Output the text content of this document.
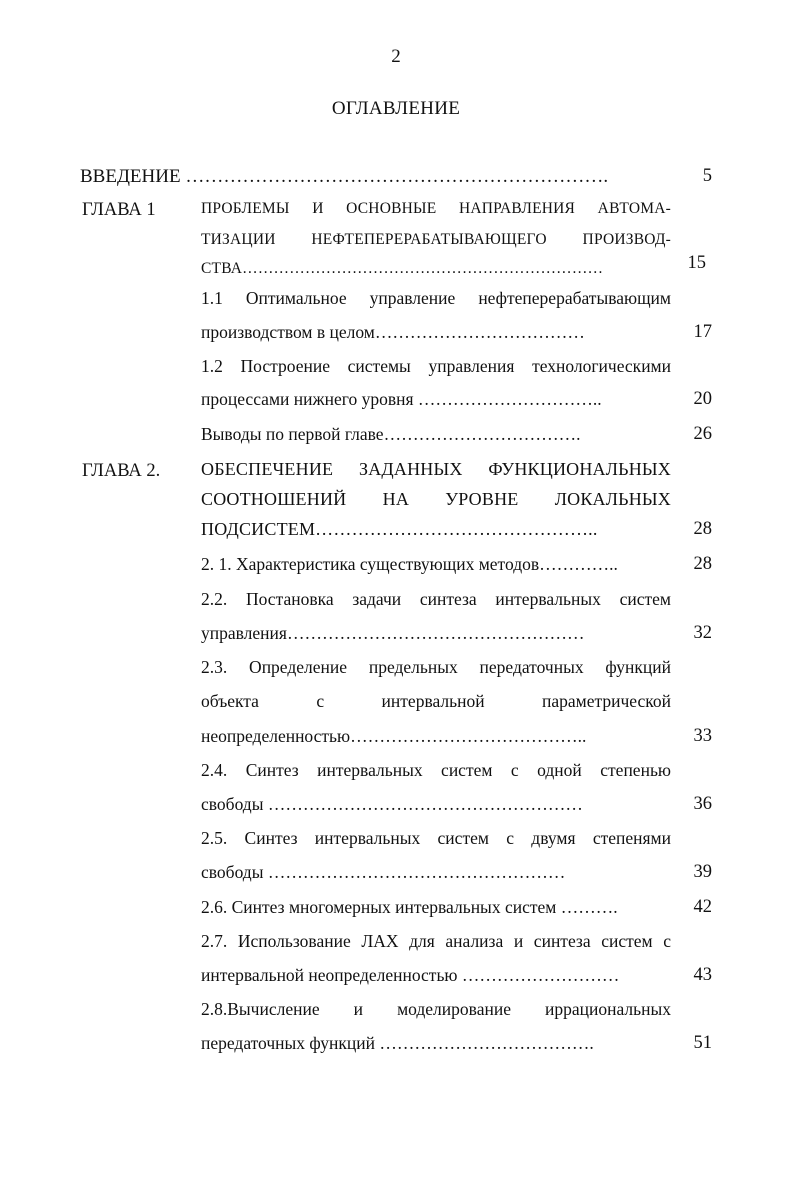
2
ОГЛАВЛЕНИЕ
ВВЕДЕНИЕ ………………………………………………………….	5
ГЛАВА 1	ПРОБЛЕМЫ И ОСНОВНЫЕ НАПРАВЛЕНИЯ АВТОМА-
ТИЗАЦИИ НЕФТЕПЕРЕРАБАТЫВАЮЩЕГО ПРОИЗВОД-
СТВА……………………………………………………………	15
1.1 Оптимальное управление нефтеперерабатывающим
производством в целом………………………………	17
1.2 Построение системы управления технологическими
процессами нижнего уровня …………………………..	20
Выводы по первой главе…………………………….	26
ГЛАВА 2. ОБЕСПЕЧЕНИЕ ЗАДАННЫХ ФУНКЦИОНАЛЬНЫХ
СООТНОШЕНИЙ НА УРОВНЕ ЛОКАЛЬНЫХ
ПОДСИСТЕМ………………………………………..	28
2. 1. Характеристика существующих методов…………..	28
2.2. Постановка задачи синтеза интервальных систем
управления……………………………………………	32
2.3. Определение предельных передаточных функций
объекта с интервальной параметрической
неопределенностью…………………………………..	33
2.4. Синтез интервальных систем с одной степенью
свободы ………………………………………………	36
2.5. Синтез интервальных систем с двумя степенями
свободы ……………………………………………	39
2.6. Синтез многомерных интервальных систем ……….	42
2.7. Использование ЛАХ для анализа и синтеза систем с
интервальной неопределенностью ………………………	43
2.8.Вычисление и моделирование иррациональных
передаточных функций ……………………………….	51
